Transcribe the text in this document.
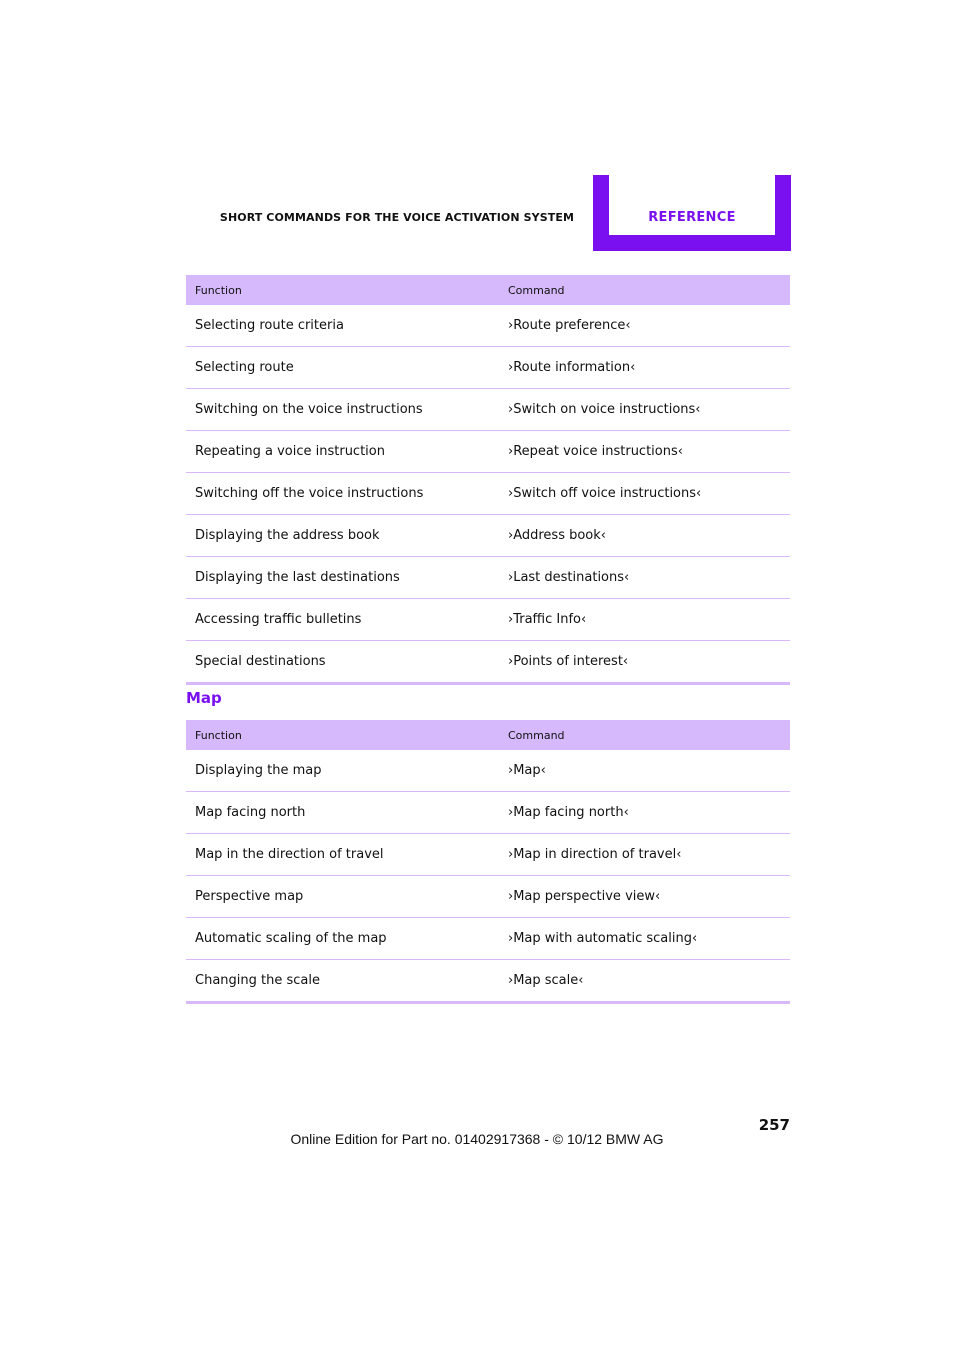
SHORT COMMANDS FOR THE VOICE ACTIVATION SYSTEM	REFERENCE
Function	Command
Selecting route criteria	›Route preference‹
Selecting route	›Route information‹
Switching on the voice instructions	›Switch on voice instructions‹
Repeating a voice instruction	›Repeat voice instructions‹
Switching off the voice instructions	›Switch off voice instructions‹
Displaying the address book	›Address book‹
Displaying the last destinations	›Last destinations‹
Accessing traffic bulletins	›Traffic Info‹
Special destinations	›Points of interest‹
Map
Function	Command
Displaying the map	›Map‹
Map facing north	›Map facing north‹
Map in the direction of travel	›Map in direction of travel‹
Perspective map	›Map perspective view‹
Automatic scaling of the map	›Map with automatic scaling‹
Changing the scale	›Map scale‹
257
Online Edition for Part no. 01402917368 - © 10/12 BMW AG
